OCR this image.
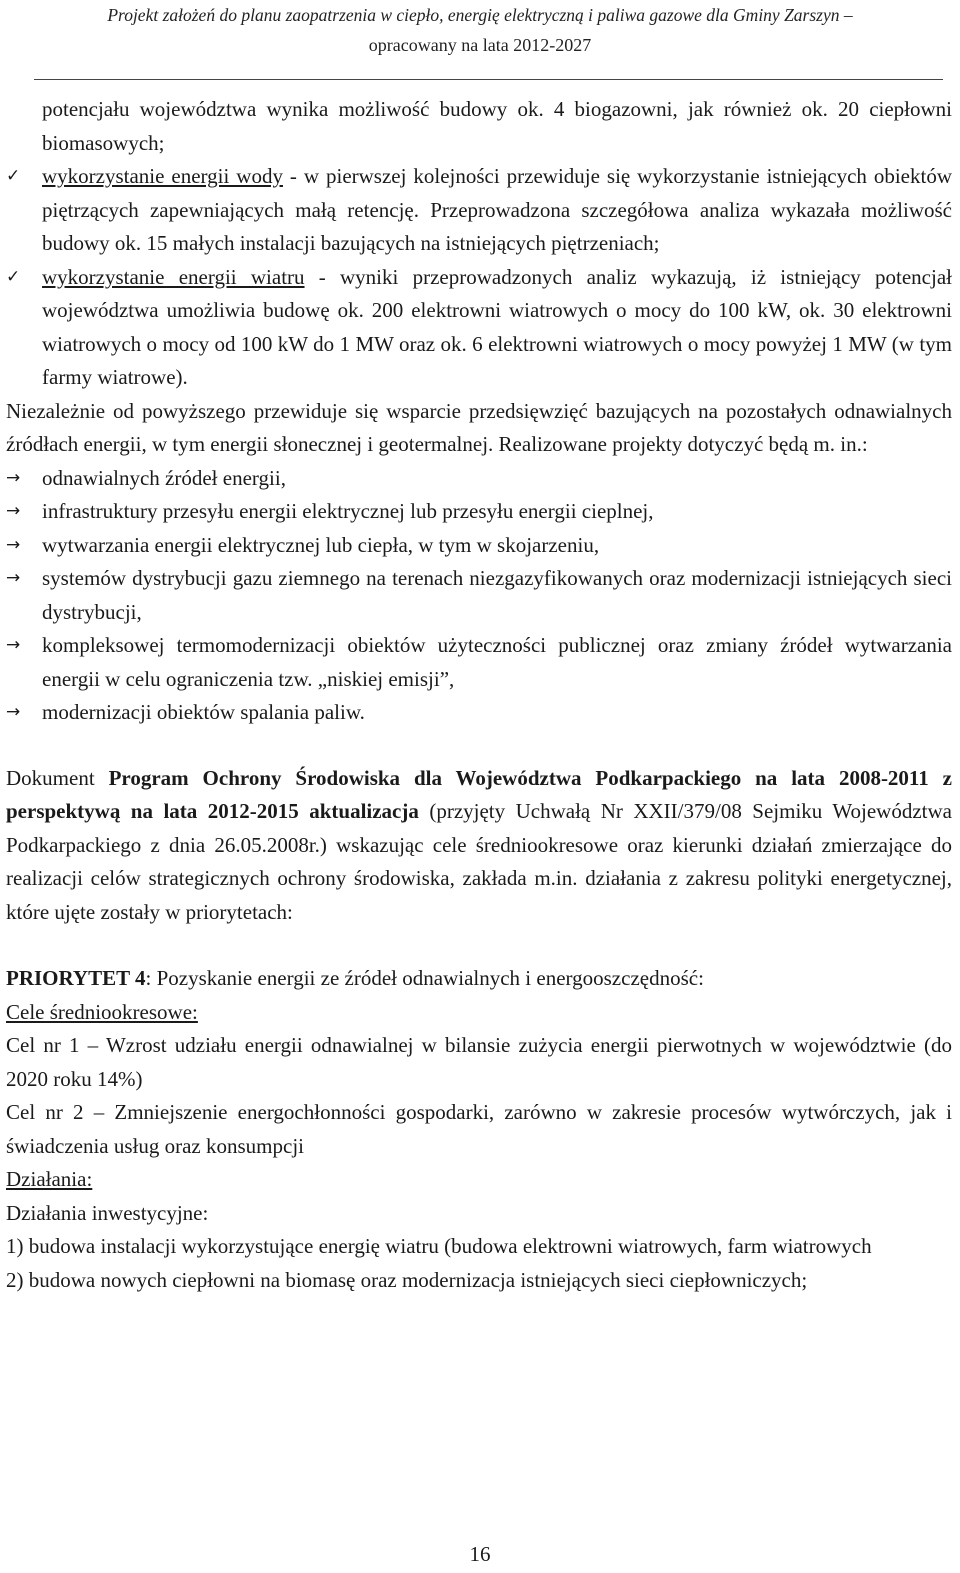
Projekt założeń do planu zaopatrzenia w ciepło, energię elektryczną i paliwa gazowe dla Gminy Zarszyn –
opracowany na lata 2012-2027

potencjału województwa wynika możliwość budowy ok. 4 biogazowni, jak również ok. 20 ciepłowni biomasowych;

✓	wykorzystanie energii wody - w pierwszej kolejności przewiduje się wykorzystanie istniejących obiektów piętrzących zapewniających małą retencję. Przeprowadzona szczegółowa analiza wykazała możliwość budowy ok. 15 małych instalacji bazujących na istniejących piętrzeniach;

✓	wykorzystanie energii wiatru - wyniki przeprowadzonych analiz wykazują, iż istniejący potencjał województwa umożliwia budowę ok. 200 elektrowni wiatrowych o mocy do 100 kW, ok. 30 elektrowni wiatrowych o mocy od 100 kW do 1 MW oraz ok. 6 elektrowni wiatrowych o mocy powyżej 1 MW (w tym farmy wiatrowe).

Niezależnie od powyższego przewiduje się wsparcie przedsięwzięć bazujących na pozostałych odnawialnych źródłach energii, w tym energii słonecznej i geotermalnej. Realizowane projekty dotyczyć będą m. in.:

→	odnawialnych źródeł energii,

→	infrastruktury przesyłu energii elektrycznej lub przesyłu energii cieplnej,

→	wytwarzania energii elektrycznej lub ciepła, w tym w skojarzeniu,

→	systemów dystrybucji gazu ziemnego na terenach niezgazyfikowanych oraz modernizacji istniejących sieci dystrybucji,

→	kompleksowej termomodernizacji obiektów użyteczności publicznej oraz zmiany źródeł wytwarzania energii w celu ograniczenia tzw. „niskiej emisji”,

→	modernizacji obiektów spalania paliw.

Dokument Program Ochrony Środowiska dla Województwa Podkarpackiego na lata 2008-2011 z perspektywą na lata 2012-2015 aktualizacja (przyjęty Uchwałą Nr XXII/379/08 Sejmiku Województwa Podkarpackiego z dnia 26.05.2008r.) wskazując cele średniookresowe oraz kierunki działań zmierzające do realizacji celów strategicznych ochrony środowiska, zakłada m.in. działania z zakresu polityki energetycznej, które ujęte zostały w priorytetach:

PRIORYTET 4: Pozyskanie energii ze źródeł odnawialnych i energooszczędność:

Cele średniookresowe:

Cel nr 1 – Wzrost udziału energii odnawialnej w bilansie zużycia energii pierwotnych w województwie (do 2020 roku 14%)

Cel nr 2 – Zmniejszenie energochłonności gospodarki, zarówno w zakresie procesów wytwórczych, jak i świadczenia usług oraz konsumpcji

Działania:

Działania inwestycyjne:

1) budowa instalacji wykorzystujące energię wiatru (budowa elektrowni wiatrowych, farm wiatrowych

2) budowa nowych ciepłowni na biomasę oraz modernizacja istniejących sieci ciepłowniczych;

16
